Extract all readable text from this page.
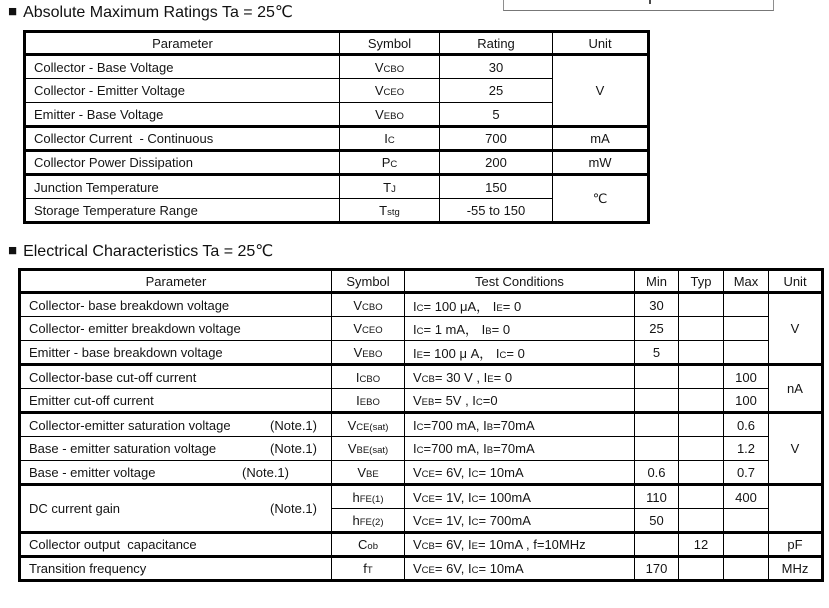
■ Absolute Maximum Ratings Ta = 25℃
Parameter	Symbol	Rating	Unit
Collector - Base Voltage	VCBO	30	V
Collector - Emitter Voltage	VCEO	25	
Emitter - Base Voltage	VEBO	5	
Collector Current  - Continuous	IC	700	mA
Collector Power Dissipation	PC	200	mW
Junction Temperature	TJ	150	℃
Storage Temperature Range	Tstg	-55 to 150	
■ Electrical Characteristics Ta = 25℃
Parameter	Symbol	Test Conditions	Min	Typ	Max	Unit
Collector- base breakdown voltage	VCBO	IC= 100 μA， IE= 0	30			V
Collector- emitter breakdown voltage	VCEO	IC= 1 mA， IB= 0	25			
Emitter - base breakdown voltage	VEBO	IE= 100 μ A， IC= 0	5			
Collector-base cut-off current	ICBO	VCB= 30 V , IE= 0			100	nA
Emitter cut-off current	IEBO	VEB= 5V , IC=0			100	

Collector-emitter saturation voltage (Note.1)	VCE(sat)	IC=700 mA, IB=70mA			0.6	V

Base - emitter saturation voltage (Note.1)	VBE(sat)	IC=700 mA, IB=70mA			1.2	

Base - emitter voltage (Note.1)	VBE	VCE= 6V, IC= 10mA	0.6		0.7	

DC current gain (Note.1)	hFE(1)	VCE= 1V, IC= 100mA	110		400	
	hFE(2)	VCE= 1V, IC= 700mA	50			
Collector output  capacitance	Cob	VCB= 6V, IE= 10mA , f=10MHz		12		pF
Transition frequency	fT	VCE= 6V, IC= 10mA	170			MHz
